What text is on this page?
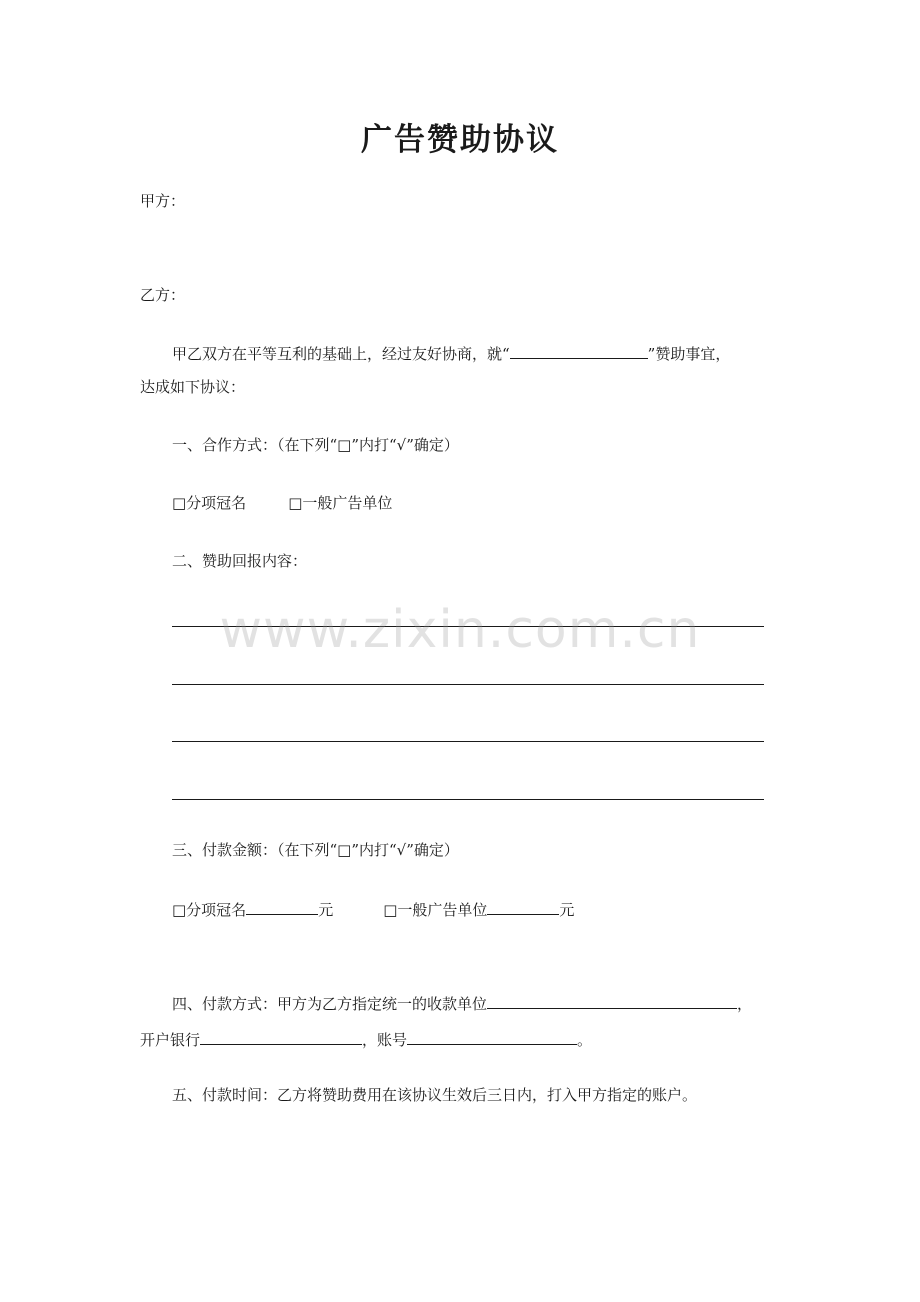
广告赞助协议
甲方：
乙方：
甲乙双方在平等互利的基础上，经过友好协商，就“	”赞助事宜，
达成如下协议：
一、合作方式：（在下列“□”内打“√”确定）
□分项冠名	□一般广告单位
二、赞助回报内容：
三、付款金额：（在下列“□”内打“√”确定）
□分项冠名	元	□一般广告单位	元
四、付款方式：甲方为乙方指定统一的收款单位	，
开户银行	，账号	。
五、付款时间：乙方将赞助费用在该协议生效后三日内，打入甲方指定的账户。
www.zixin.com.cn
